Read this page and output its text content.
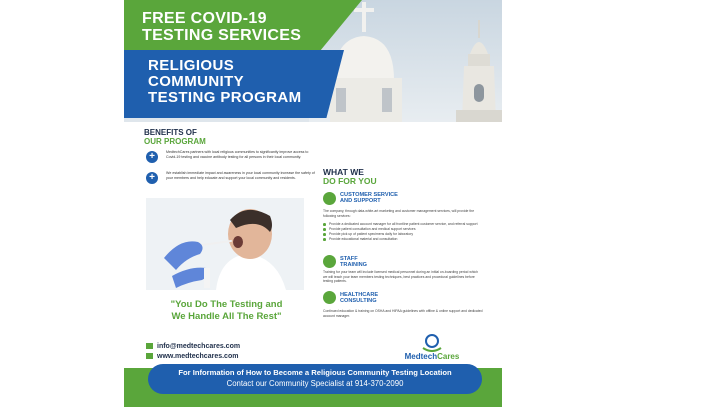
FREE COVID-19
TESTING SERVICES
RELIGIOUS
COMMUNITY
TESTING PROGRAM
BENEFITS OF
OUR PROGRAM
+	MedtechCares partners with local religious communities to significantly improve access to Covid-19 testing and vaccine antibody testing for all persons in their local community.
+	We establish immediate impact and awareness in your local community increase the safety of your members and help educate and support your local community and residents.
"You Do The Testing and
We Handle All The Rest"
WHAT WE
DO FOR YOU
CUSTOMER SERVICE
AND SUPPORT
The company, through data-white-art marketing and customer management services, will provide the following services:
Provide a dedicated account manager for all frontline patient customer service, and referral support
Provide patient consultation and medical support services
Provide pick up of patient specimens daily for laboratory
Provide educational material and consultation
STAFF
TRAINING
Training for your team will include licensed medical personnel during an initial on-boarding period which we will teach your team members testing techniques, best practices and procedural guidelines before testing patients.
HEALTHCARE
CONSULTING
Continued education & training on OSHA and HIPAA guidelines with offline & online support and dedicated account manager.
info@medtechcares.com
www.medtechcares.com	MedtechCares
For Information of How to Become a Religious Community Testing Location
Contact our Community Specialist at 914-370-2090
